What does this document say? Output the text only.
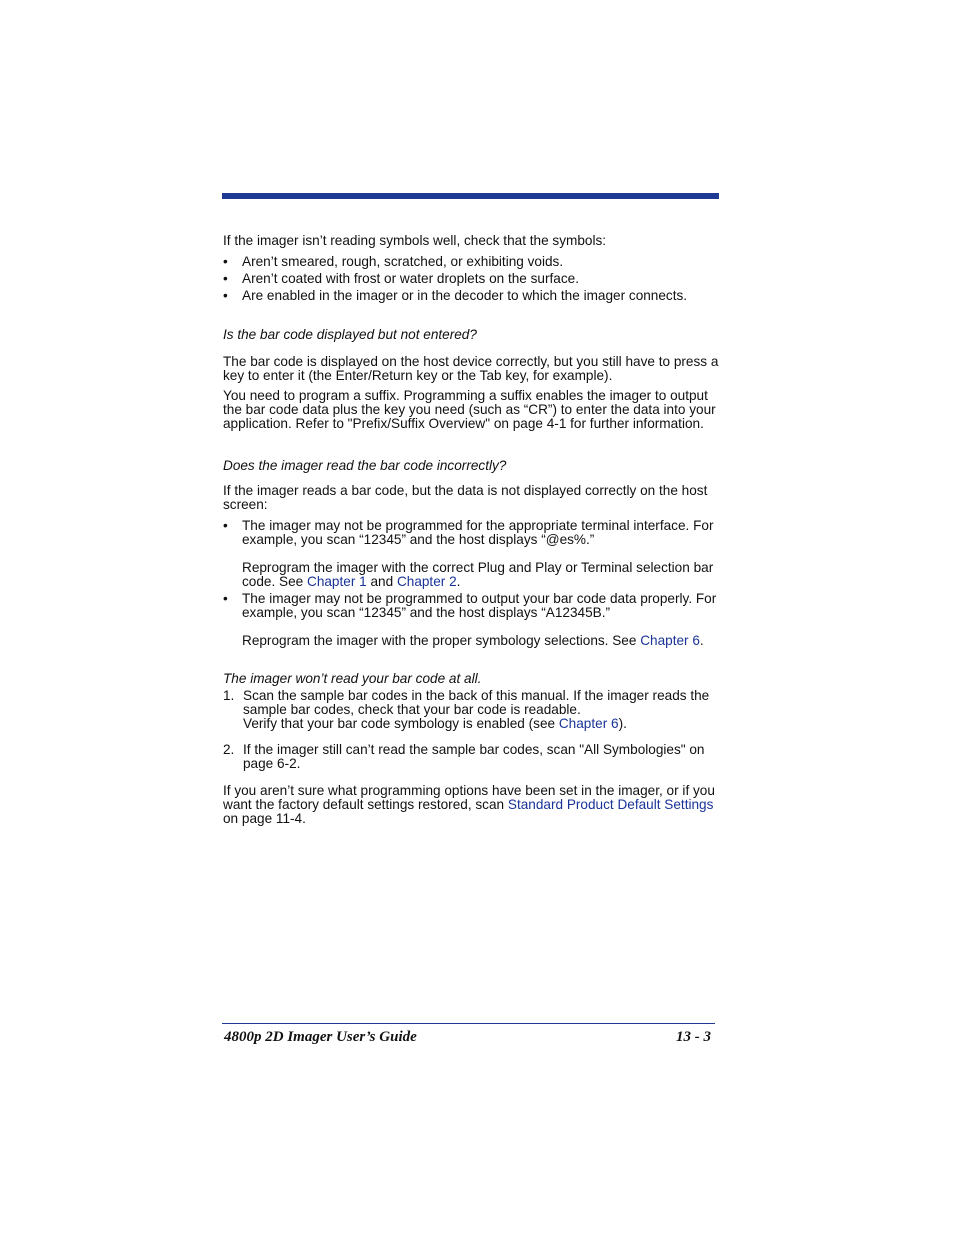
If the imager isn’t reading symbols well, check that the symbols:

• Aren’t smeared, rough, scratched, or exhibiting voids.
• Aren’t coated with frost or water droplets on the surface.
• Are enabled in the imager or in the decoder to which the imager connects.

Is the bar code displayed but not entered?

The bar code is displayed on the host device correctly, but you still have to press a key to enter it (the Enter/Return key or the Tab key, for example).

You need to program a suffix. Programming a suffix enables the imager to output the bar code data plus the key you need (such as “CR”) to enter the data into your application. Refer to "Prefix/Suffix Overview" on page 4-1 for further information.

Does the imager read the bar code incorrectly?

If the imager reads a bar code, but the data is not displayed correctly on the host screen:

• The imager may not be programmed for the appropriate terminal interface. For example, you scan “12345” and the host displays “@es%.”
Reprogram the imager with the correct Plug and Play or Terminal selection bar code. See Chapter 1 and Chapter 2.
• The imager may not be programmed to output your bar code data properly. For example, you scan “12345” and the host displays “A12345B.”
Reprogram the imager with the proper symbology selections. See Chapter 6.

The imager won’t read your bar code at all.

1. Scan the sample bar codes in the back of this manual. If the imager reads the sample bar codes, check that your bar code is readable.
Verify that your bar code symbology is enabled (see Chapter 6).
2. If the imager still can’t read the sample bar codes, scan "All Symbologies" on page 6-2.

If you aren’t sure what programming options have been set in the imager, or if you want the factory default settings restored, scan Standard Product Default Settings on page 11-4.

4800p 2D Imager User’s Guide	13 - 3
